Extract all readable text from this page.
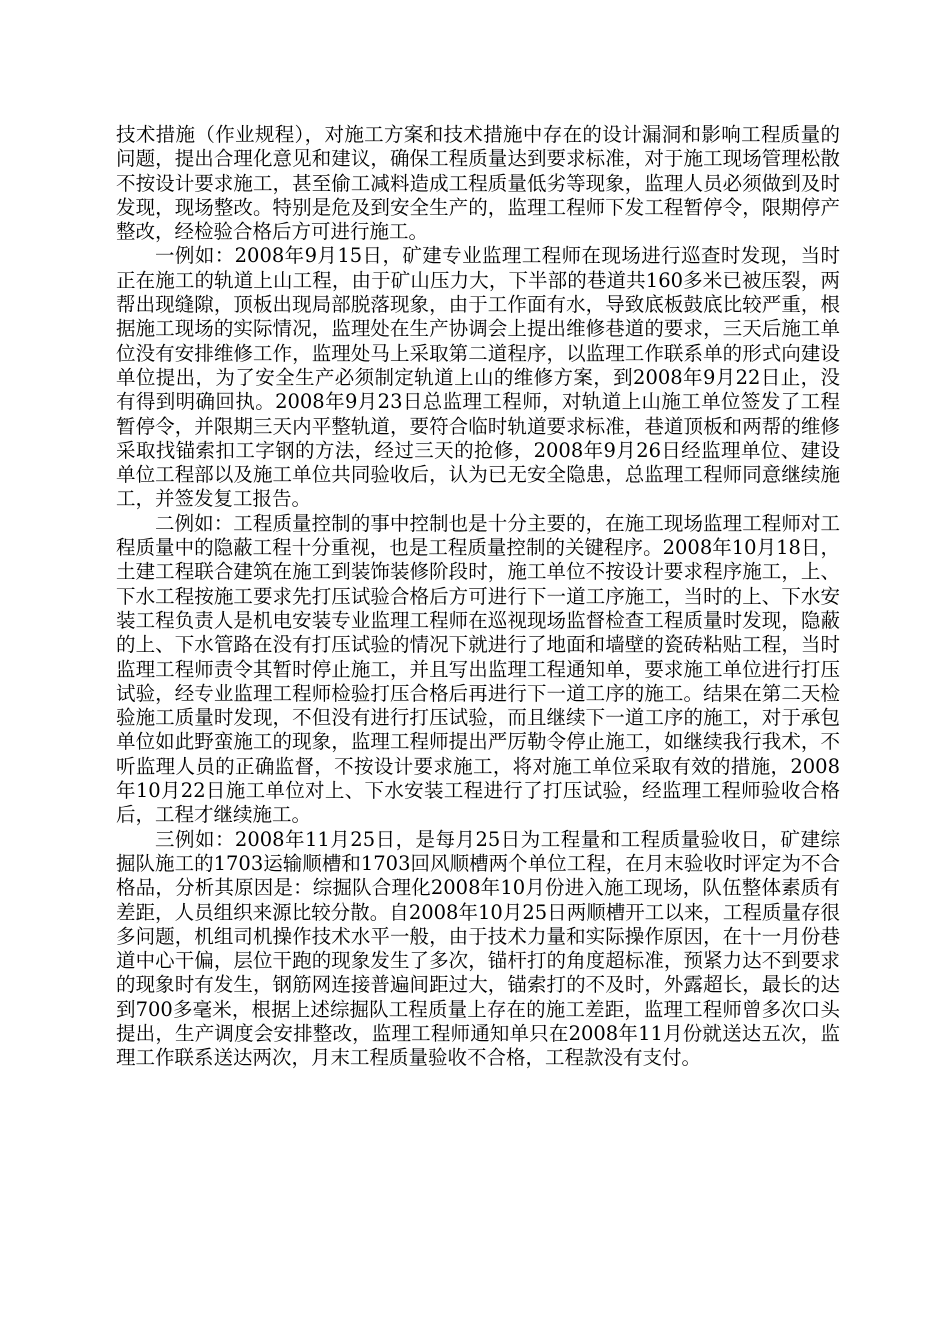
技术措施（作业规程），对施工方案和技术措施中存在的设计漏洞和影响工程质量的问题，提出合理化意见和建议，确保工程质量达到要求标准，对于施工现场管理松散不按设计要求施工，甚至偷工减料造成工程质量低劣等现象，监理人员必须做到及时发现，现场整改。特别是危及到安全生产的，监理工程师下发工程暂停令，限期停产整改，经检验合格后方可进行施工。

一例如：2008年9月15日，矿建专业监理工程师在现场进行巡查时发现，当时正在施工的轨道上山工程，由于矿山压力大，下半部的巷道共160多米已被压裂，两帮出现缝隙，顶板出现局部脱落现象，由于工作面有水，导致底板鼓底比较严重，根据施工现场的实际情况，监理处在生产协调会上提出维修巷道的要求，三天后施工单位没有安排维修工作，监理处马上采取第二道程序，以监理工作联系单的形式向建设单位提出，为了安全生产必须制定轨道上山的维修方案，到2008年9月22日止，没有得到明确回执。2008年9月23日总监理工程师，对轨道上山施工单位签发了工程暂停令，并限期三天内平整轨道，要符合临时轨道要求标准，巷道顶板和两帮的维修采取找锚索扣工字钢的方法，经过三天的抢修，2008年9月26日经监理单位、建设单位工程部以及施工单位共同验收后，认为已无安全隐患，总监理工程师同意继续施工，并签发复工报告。

二例如：工程质量控制的事中控制也是十分主要的，在施工现场监理工程师对工程质量中的隐蔽工程十分重视，也是工程质量控制的关键程序。2008年10月18日，土建工程联合建筑在施工到装饰装修阶段时，施工单位不按设计要求程序施工，上、下水工程按施工要求先打压试验合格后方可进行下一道工序施工，当时的上、下水安装工程负责人是机电安装专业监理工程师在巡视现场监督检查工程质量时发现，隐蔽的上、下水管路在没有打压试验的情况下就进行了地面和墙壁的瓷砖粘贴工程，当时监理工程师责令其暂时停止施工，并且写出监理工程通知单，要求施工单位进行打压试验，经专业监理工程师检验打压合格后再进行下一道工序的施工。结果在第二天检验施工质量时发现，不但没有进行打压试验，而且继续下一道工序的施工，对于承包单位如此野蛮施工的现象，监理工程师提出严厉勒令停止施工，如继续我行我术，不听监理人员的正确监督，不按设计要求施工，将对施工单位采取有效的措施，2008年10月22日施工单位对上、下水安装工程进行了打压试验，经监理工程师验收合格后，工程才继续施工。

三例如：2008年11月25日，是每月25日为工程量和工程质量验收日，矿建综掘队施工的1703运输顺槽和1703回风顺槽两个单位工程，在月末验收时评定为不合格品，分析其原因是：综掘队合理化2008年10月份进入施工现场，队伍整体素质有差距，人员组织来源比较分散。自2008年10月25日两顺槽开工以来，工程质量存很多问题，机组司机操作技术水平一般，由于技术力量和实际操作原因，在十一月份巷道中心干偏，层位干跑的现象发生了多次，锚杆打的角度超标准，预紧力达不到要求的现象时有发生，钢筋网连接普遍间距过大，锚索打的不及时，外露超长，最长的达到700多毫米，根据上述综掘队工程质量上存在的施工差距，监理工程师曾多次口头提出，生产调度会安排整改，监理工程师通知单只在2008年11月份就送达五次，监理工作联系送达两次，月末工程质量验收不合格，工程款没有支付。
